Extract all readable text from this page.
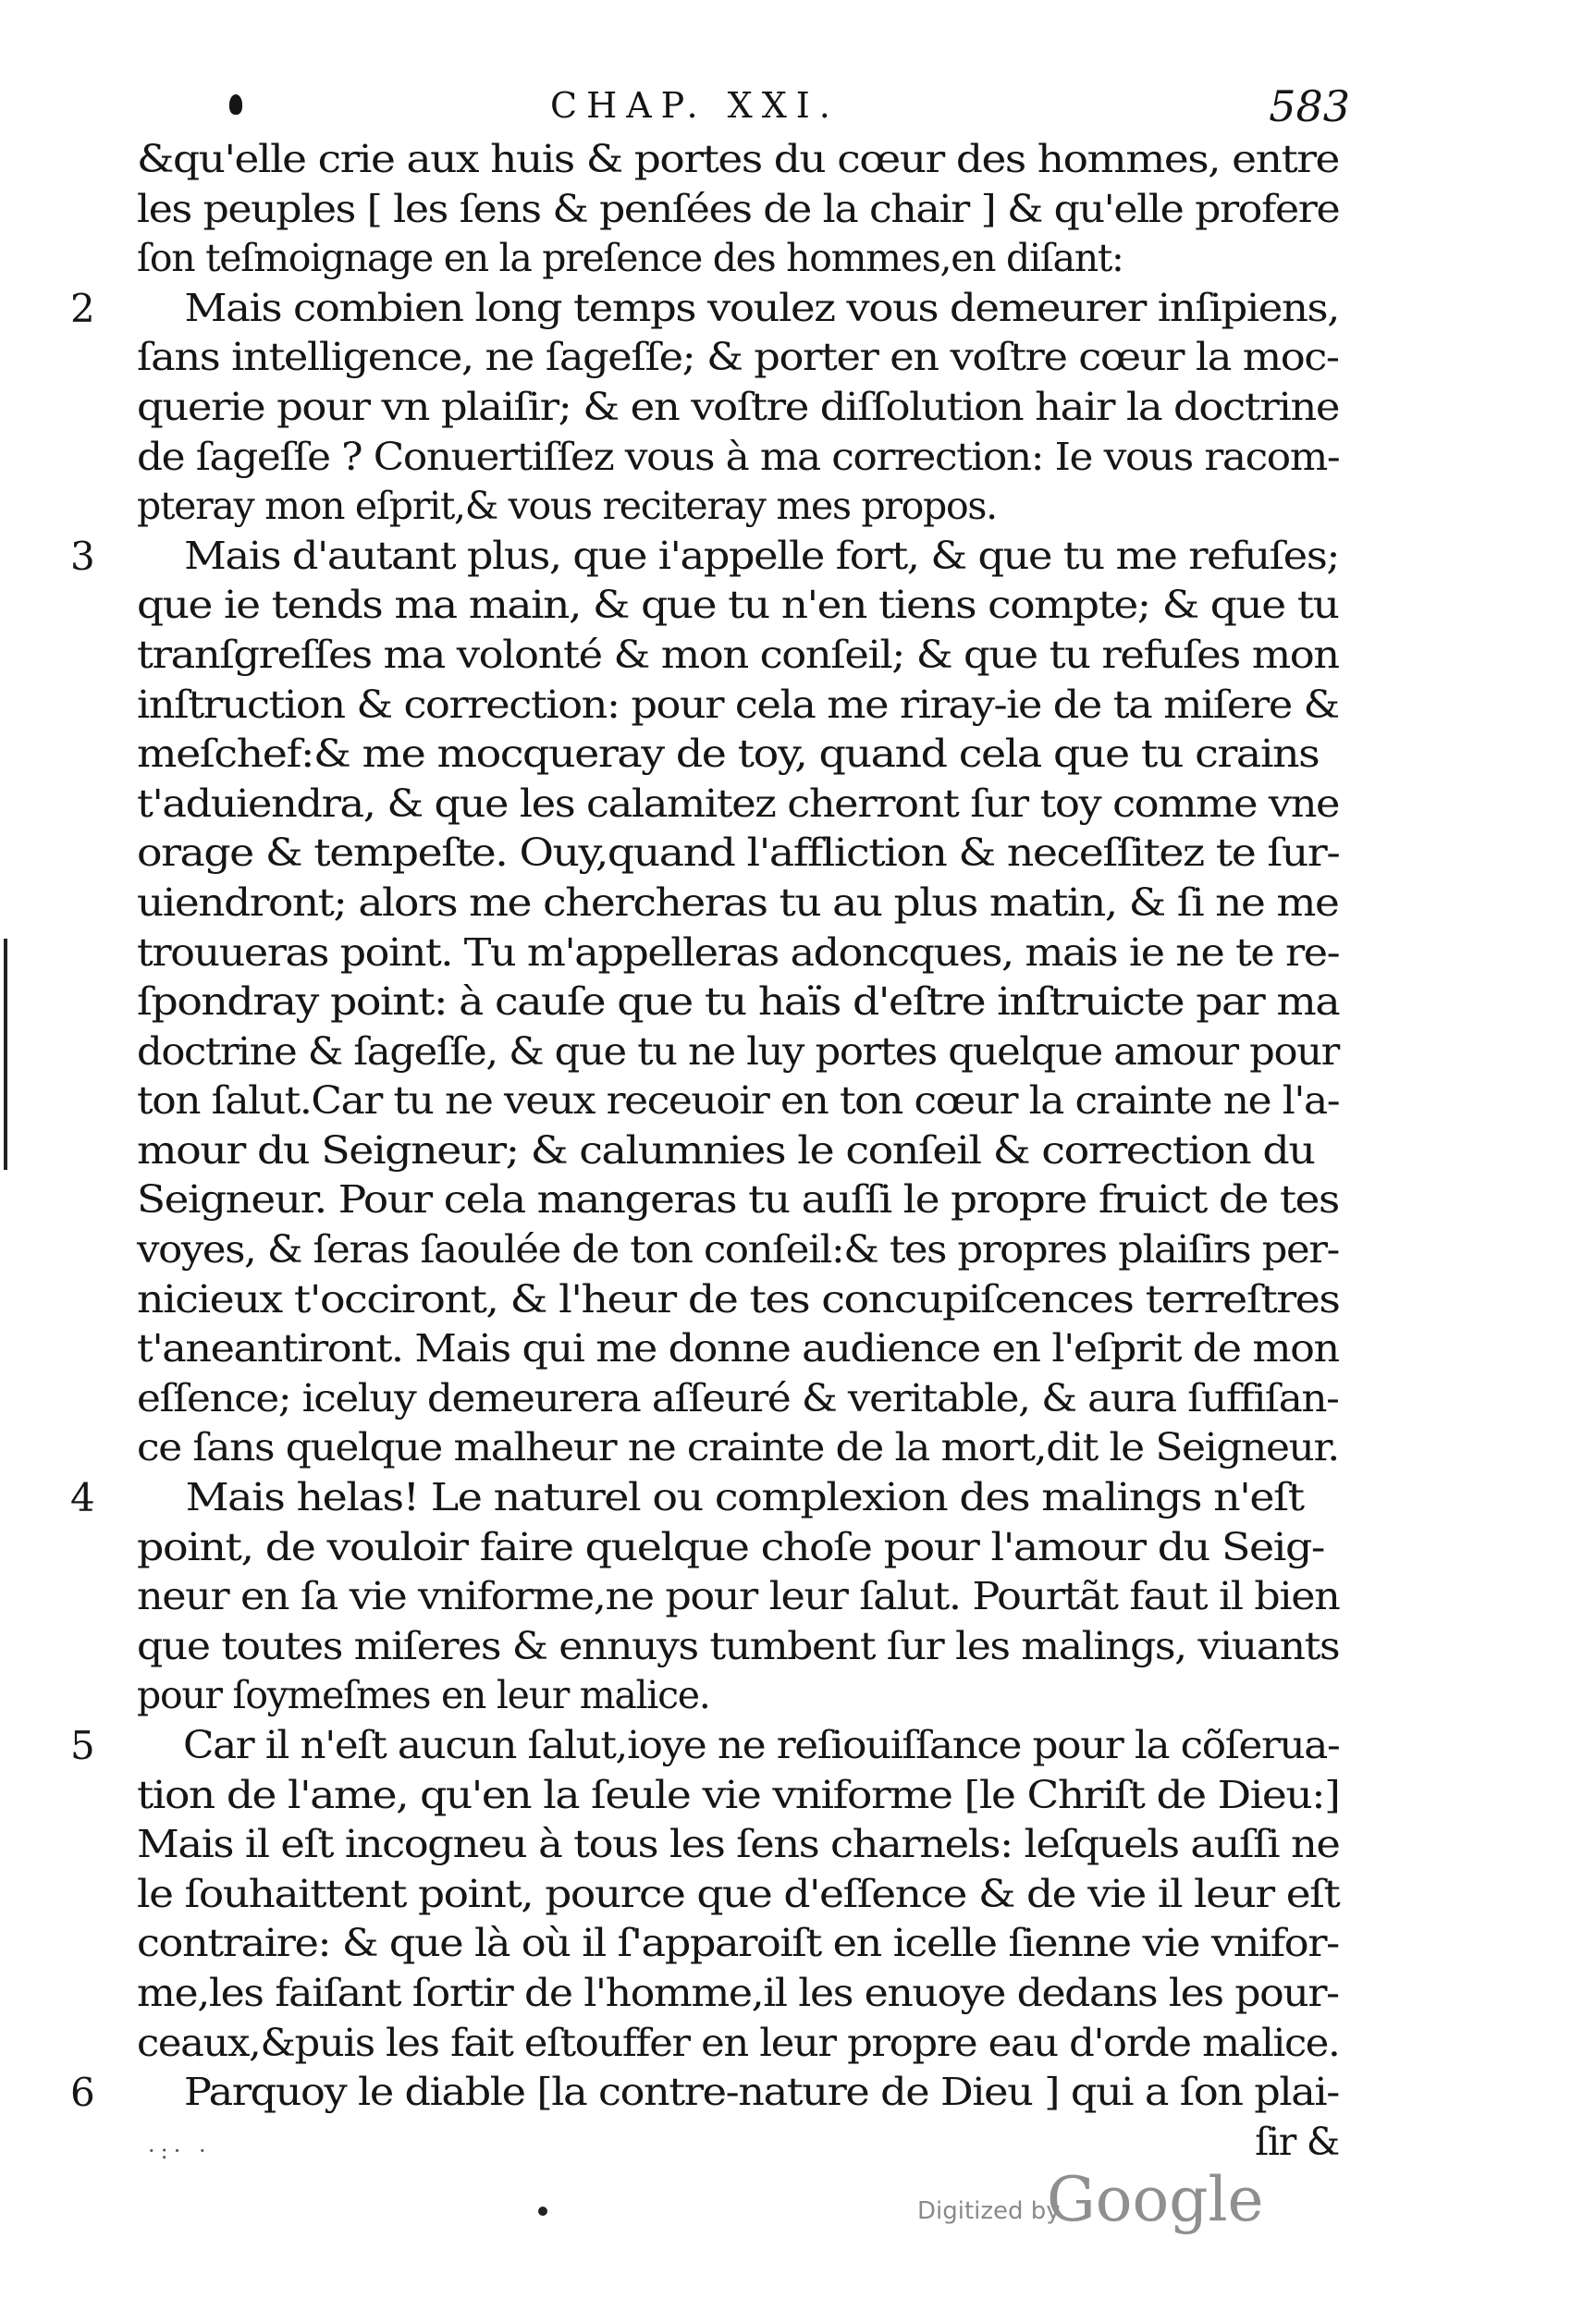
CHAP. XXI.	583
&qu'elle crie aux huis & portes du cœur des hommes, entre
les peuples [ les ſens & penſées de la chair ] & qu'elle profere
ſon teſmoignage en la preſence des hommes,en diſant:
2 Mais combien long temps voulez vous demeurer inſipiens,
ſans intelligence, ne ſageſſe; & porter en voſtre cœur la moc-
querie pour vn plaiſir; & en voſtre diſſolution hair la doctrine
de ſageſſe ? Conuertiſſez vous à ma correction: Ie vous racom-
pteray mon eſprit,& vous reciteray mes propos.
3 Mais d'autant plus, que i'appelle fort, & que tu me refuſes;
que ie tends ma main, & que tu n'en tiens compte; & que tu
tranſgreſſes ma volonté & mon conſeil; & que tu refuſes mon
inſtruction & correction: pour cela me riray-ie de ta miſere &
meſchef:& me mocqueray de toy, quand cela que tu crains
t'aduiendra, & que les calamitez cherront ſur toy comme vne
orage & tempeſte. Ouy,quand l'affliction & neceſſitez te ſur-
uiendront; alors me chercheras tu au plus matin, & ſi ne me
trouueras point. Tu m'appelleras adoncques, mais ie ne te re-
ſpondray point: à cauſe que tu haïs d'eſtre inſtruicte par ma
doctrine & ſageſſe, & que tu ne luy portes quelque amour pour
ton ſalut.Car tu ne veux receuoir en ton cœur la crainte ne l'a-
mour du Seigneur; & calumnies le conſeil & correction du
Seigneur. Pour cela mangeras tu auſſi le propre fruict de tes
voyes, & ſeras ſaoulée de ton conſeil:& tes propres plaiſirs per-
nicieux t'occiront, & l'heur de tes concupiſcences terreſtres
t'aneantiront. Mais qui me donne audience en l'eſprit de mon
eſſence; iceluy demeurera aſſeuré & veritable, & aura ſuffiſan-
ce ſans quelque malheur ne crainte de la mort,dit le Seigneur.
4 Mais helas! Le naturel ou complexion des malings n'eſt
point, de vouloir faire quelque choſe pour l'amour du Seig-
neur en ſa vie vniforme,ne pour leur ſalut. Pourtãt faut il bien
que toutes miſeres & ennuys tumbent ſur les malings, viuants
pour ſoymeſmes en leur malice.
5 Car il n'eſt aucun ſalut,ioye ne reſiouiſſance pour la cõſerua-
tion de l'ame, qu'en la ſeule vie vniforme [le Chriſt de Dieu:]
Mais il eſt incogneu à tous les ſens charnels: leſquels auſſi ne
le ſouhaittent point, pource que d'eſſence & de vie il leur eſt
contraire: & que là où il ſ'apparoiſt en icelle ſienne vie vnifor-
me,les faiſant ſortir de l'homme,il les enuoye dedans les pour-
ceaux,&puis les fait eſtouffer en leur propre eau d'orde malice.
6 Parquoy le diable [la contre-nature de Dieu ] qui a ſon plai-
ſir &
·:· ·
Digitized by
Google
